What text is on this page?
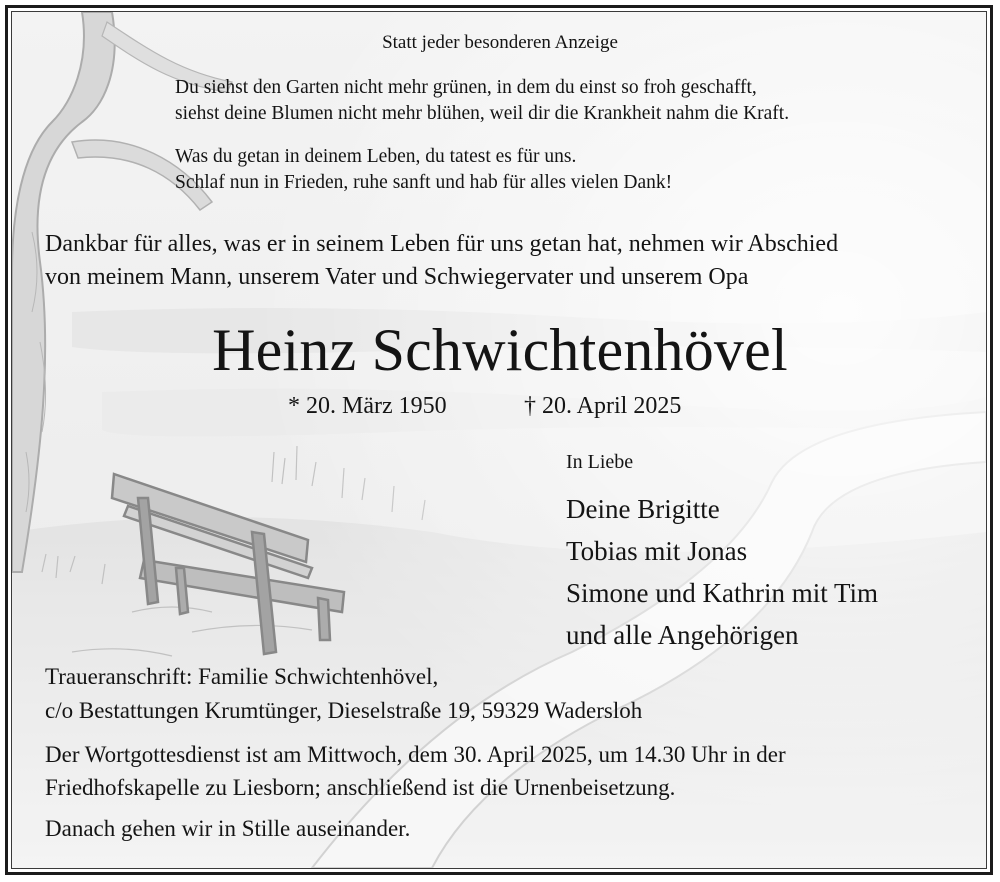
Statt jeder besonderen Anzeige
Du siehst den Garten nicht mehr grünen, in dem du einst so froh geschafft,
siehst deine Blumen nicht mehr blühen, weil dir die Krankheit nahm die Kraft.
Was du getan in deinem Leben, du tatest es für uns.
Schlaf nun in Frieden, ruhe sanft und hab für alles vielen Dank!
Dankbar für alles, was er in seinem Leben für uns getan hat, nehmen wir Abschied
von meinem Mann, unserem Vater und Schwiegervater und unserem Opa
Heinz Schwichtenhövel
* 20. März 1950	† 20. April 2025
In Liebe
Deine Brigitte
Tobias mit Jonas
Simone und Kathrin mit Tim
und alle Angehörigen
Traueranschrift: Familie Schwichtenhövel,
c/o Bestattungen Krumtünger, Dieselstraße 19, 59329 Wadersloh
Der Wortgottesdienst ist am Mittwoch, dem 30. April 2025, um 14.30 Uhr in der
Friedhofskapelle zu Liesborn; anschließend ist die Urnenbeisetzung.
Danach gehen wir in Stille auseinander.
